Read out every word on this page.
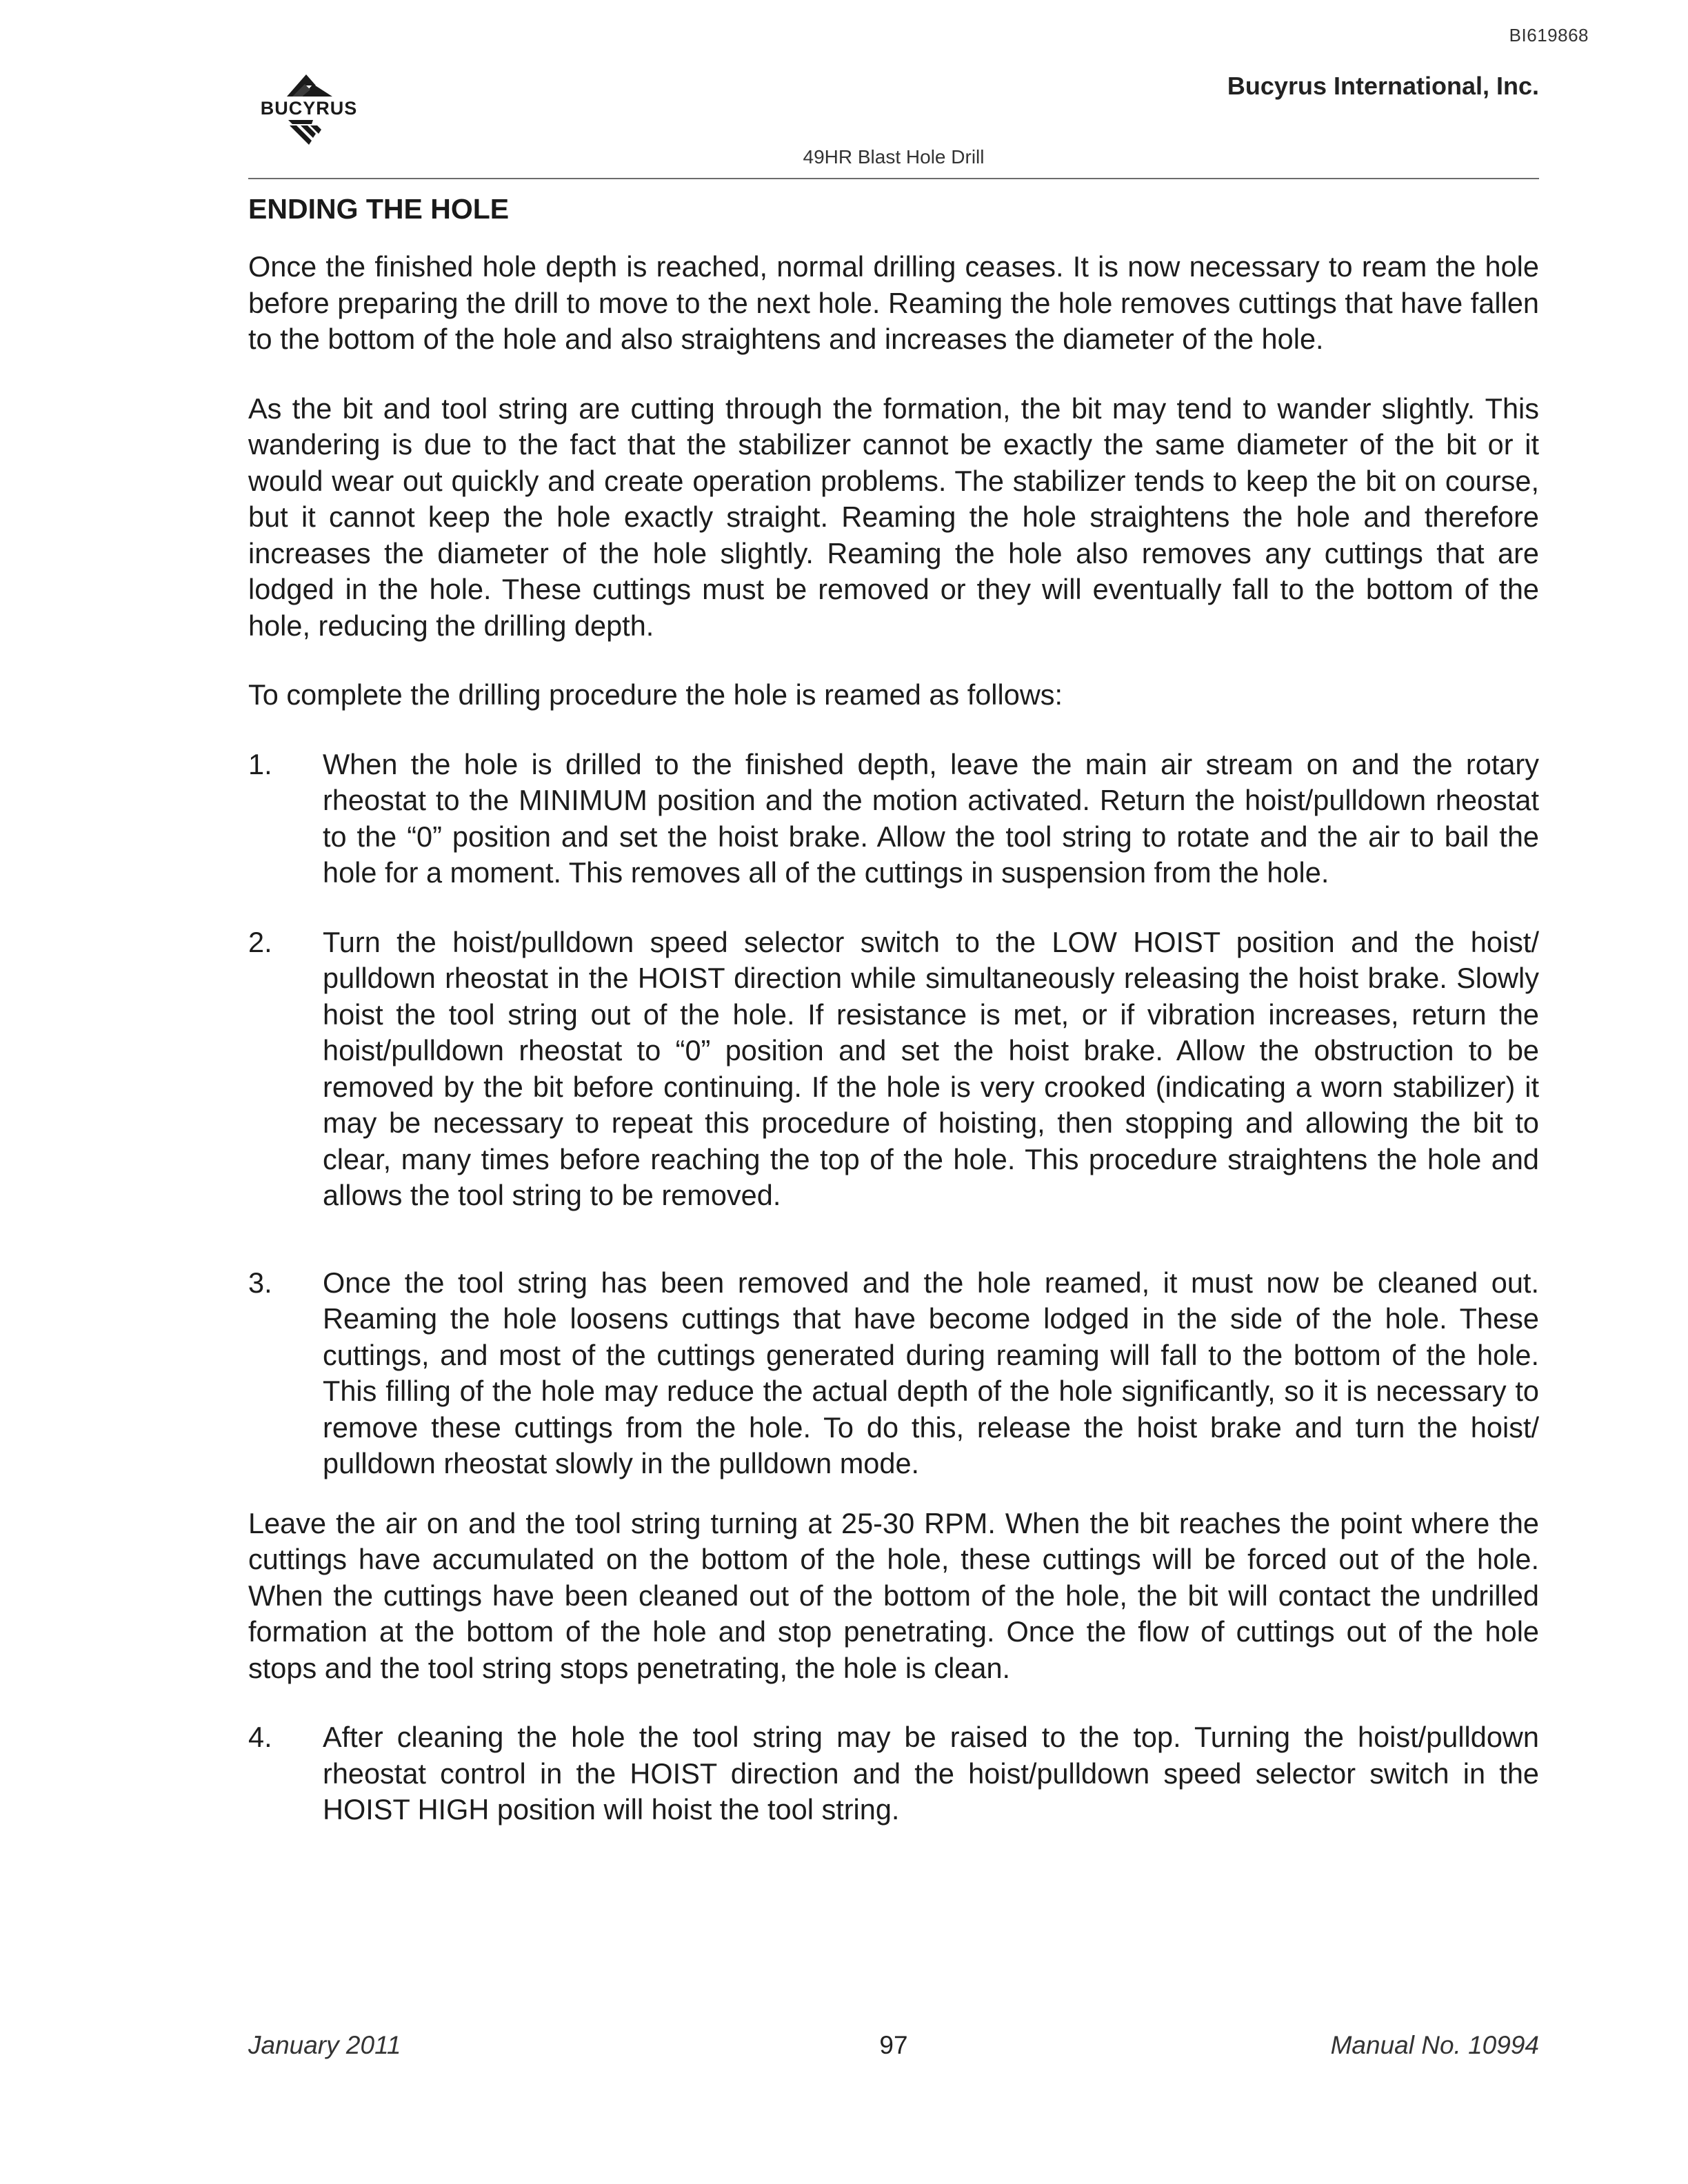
BI619868
BUCYRUS
Bucyrus International, Inc.
49HR Blast Hole Drill
ENDING THE HOLE

Once the finished hole depth is reached, normal drilling ceases. It is now necessary to ream the hole before preparing the drill to move to the next hole. Reaming the hole removes cuttings that have fallen to the bottom of the hole and also straightens and increases the diameter of the hole.

As the bit and tool string are cutting through the formation, the bit may tend to wander slightly. This wandering is due to the fact that the stabilizer cannot be exactly the same diameter of the bit or it would wear out quickly and create operation problems. The stabilizer tends to keep the bit on course, but it cannot keep the hole exactly straight. Reaming the hole straightens the hole and therefore increases the diameter of the hole slightly. Reaming the hole also removes any cuttings that are lodged in the hole. These cuttings must be removed or they will eventually fall to the bottom of the hole, reducing the drilling depth.

To complete the drilling procedure the hole is reamed as follows:

1.	When the hole is drilled to the finished depth, leave the main air stream on and the rotary rheostat to the MINIMUM position and the motion activated. Return the hoist/pulldown rheostat to the “0” position and set the hoist brake. Allow the tool string to rotate and the air to bail the hole for a moment. This removes all of the cuttings in suspension from the hole.
2.	Turn the hoist/pulldown speed selector switch to the LOW HOIST position and the hoist/ pulldown rheostat in the HOIST direction while simultaneously releasing the hoist brake. Slowly hoist the tool string out of the hole. If resistance is met, or if vibration increases, return the hoist/pulldown rheostat to “0” position and set the hoist brake. Allow the obstruction to be removed by the bit before continuing. If the hole is very crooked (indicating a worn stabilizer) it may be necessary to repeat this procedure of hoisting, then stopping and allowing the bit to clear, many times before reaching the top of the hole. This procedure straightens the hole and allows the tool string to be removed.
3.	Once the tool string has been removed and the hole reamed, it must now be cleaned out. Reaming the hole loosens cuttings that have become lodged in the side of the hole. These cuttings, and most of the cuttings generated during reaming will fall to the bottom of the hole. This filling of the hole may reduce the actual depth of the hole significantly, so it is necessary to remove these cuttings from the hole. To do this, release the hoist brake and turn the hoist/ pulldown rheostat slowly in the pulldown mode.

Leave the air on and the tool string turning at 25-30 RPM. When the bit reaches the point where the cuttings have accumulated on the bottom of the hole, these cuttings will be forced out of the hole. When the cuttings have been cleaned out of the bottom of the hole, the bit will contact the undrilled formation at the bottom of the hole and stop penetrating. Once the flow of cuttings out of the hole stops and the tool string stops penetrating, the hole is clean.

4.	After cleaning the hole the tool string may be raised to the top. Turning the hoist/pulldown rheostat control in the HOIST direction and the hoist/pulldown speed selector switch in the HOIST HIGH position will hoist the tool string.
January 2011	97	Manual No. 10994
